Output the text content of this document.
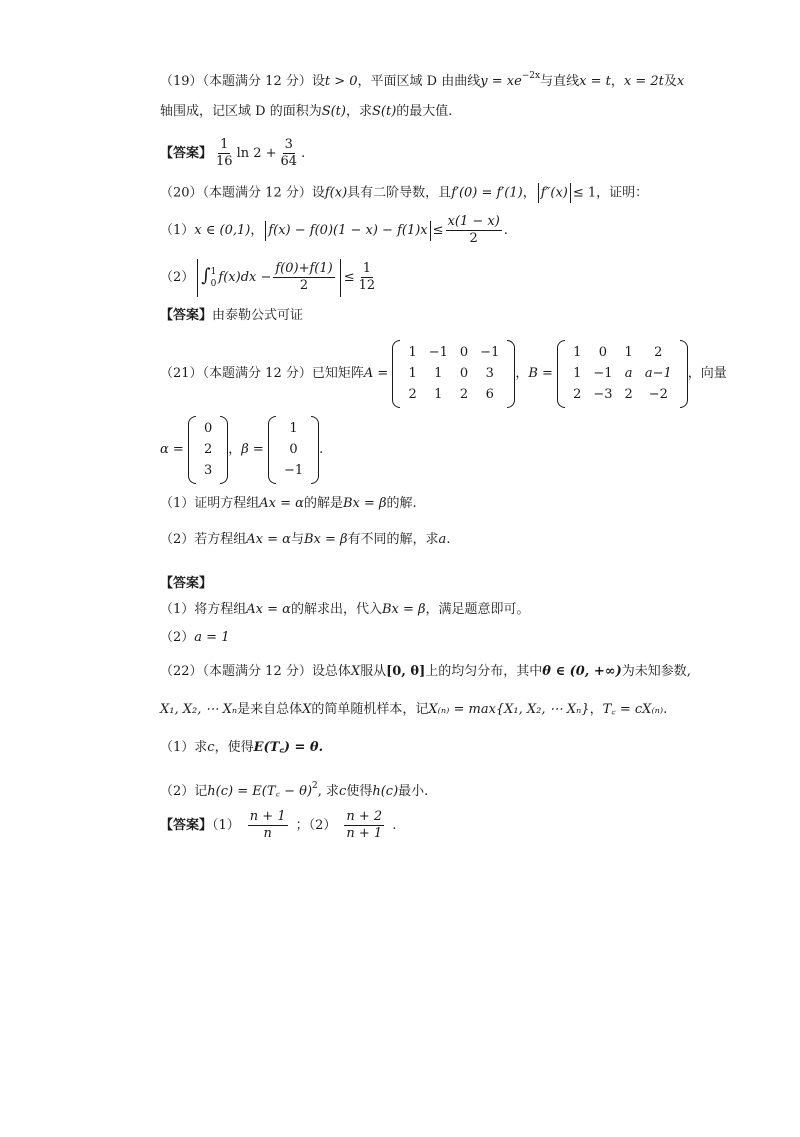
（19）（本题满分 12 分）设t > 0，平面区域 D 由曲线$y = xe^{-2x}$与直线x = t，x = 2t及x
轴围成，记区域 D 的面积为S(t)，求S(t)的最大值.
【答案】 $\frac{1}{16}$ $\ln 2 + \frac{3}{64}$ .
（20）（本题满分 12 分）设f(x)具有二阶导数，且f′(0) = f′(1)， f″(x) ≤ 1，证明：
（1）x ∈ (0,1)， $f(x) - f(0)(1 - x) - f(1)x \le \frac{x(1 - x)}{2}$ .
（2） ∫ 1
0 $f(x)dx - \frac{f(0)+f(1)}{2} \le \frac{1}{12}$
【答案】由泰勒公式可证
（21）（本题满分 12 分）已知矩阵A =
1	−1	0	−1
1	1	0	3
2	1	2	6
，B =
1	0	1	2
1	−1	a	a−1
2	−3	2	−2
，向量
α =
0
2
3
，β =
1
0
−1
.
（1）证明方程组Ax = α的解是Bx = β的解.
（2）若方程组Ax = α与Bx = β有不同的解，求a.
【答案】
（1）将方程组Ax = α的解求出，代入Bx = β，满足题意即可。
（2）a = 1
（22）（本题满分 12 分）设总体X服从[0, θ]上的均匀分布，其中θ ∈ (0, +∞)为未知参数,
X₁, X₂, ⋯ Xₙ是来自总体X的简单随机样本，记X₍ₙ₎ = max{X₁, X₂, ⋯ Xₙ}，T꜀ = cX₍ₙ₎.
（1）求c，使得E(T꜀) = θ.
（2）记h(c) = E(T꜀ − θ)$^2$, 求c使得h(c)最小.
【答案】$(1) \frac{n + 1}{n}$ ；$(2) \frac{n + 2}{n + 1}$ .
